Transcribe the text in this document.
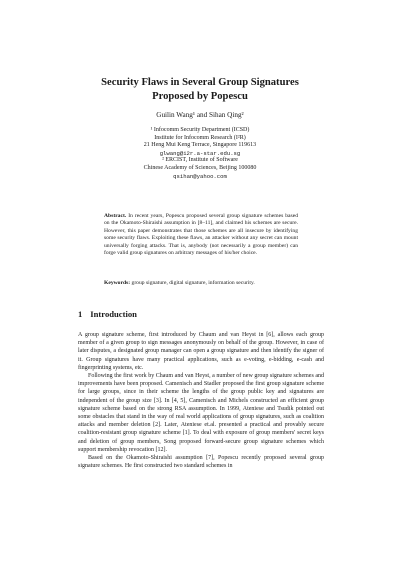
Security Flaws in Several Group Signatures
Proposed by Popescu
Guilin Wang¹ and Sihan Qing²
¹ Infocomm Security Department (ICSD)
Institute for Infocomm Research (I²R)
21 Heng Mui Keng Terrace, Singapore 119613
glwang@i2r.a-star.edu.sg
² ERCIST, Institute of Software
Chinese Academy of Sciences, Beijing 100080
qsihan@yahoo.com
Abstract. In recent years, Popescu proposed several group signature schemes based on the Okamoto-Shiraishi assumption in [8–11], and claimed his schemes are secure. However, this paper demonstrates that those schemes are all insecure by identifying some security flaws. Exploiting these flaws, an attacker without any secret can mount universally forging attacks. That is, anybody (not necessarily a group member) can forge valid group signatures on arbitrary messages of his/her choice.
Keywords: group signature, digital signature, information security.
1 Introduction

A group signature scheme, first introduced by Chaum and van Heyst in [6], allows each group member of a given group to sign messages anonymously on behalf of the group. However, in case of later disputes, a designated group manager can open a group signature and then identify the signer of it. Group signatures have many practical applications, such as e-voting, e-bidding, e-cash and fingerprinting systems, etc.

Following the first work by Chaum and van Heyst, a number of new group signature schemes and improvements have been proposed. Camenisch and Stadler proposed the first group signature scheme for large groups, since in their scheme the lengths of the group public key and signatures are independent of the group size [3]. In [4, 5], Camenisch and Michels constructed an efficient group signature scheme based on the strong RSA assumption. In 1999, Ateniese and Tsudik pointed out some obstacles that stand in the way of real world applications of group signatures, such as coalition attacks and member deletion [2]. Later, Ateniese et.al. presented a practical and provably secure coalition-resistant group signature scheme [1]. To deal with exposure of group members' secret keys and deletion of group members, Song proposed forward-secure group signature schemes which support membership revocation [12].

Based on the Okamoto-Shiraishi assumption [7], Popescu recently proposed several group signature schemes. He first constructed two standard schemes in
